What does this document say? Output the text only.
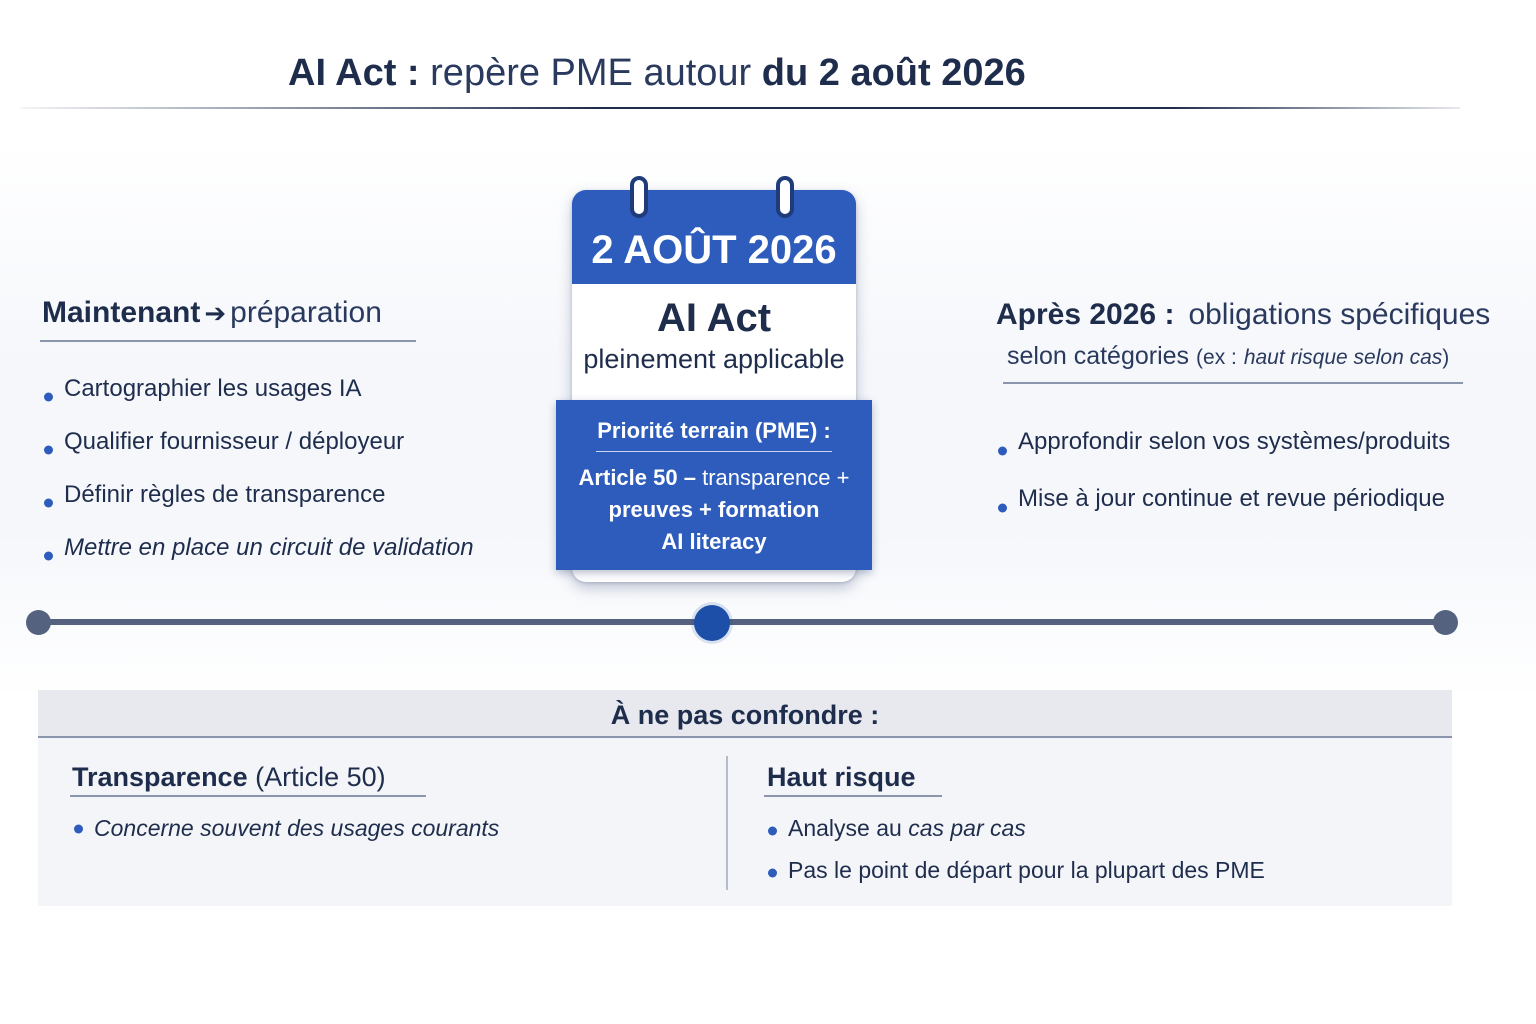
AI Act : repère PME autour du 2 août 2026
Maintenant ➔ préparation
Cartographier les usages IA
Qualifier fournisseur / déployeur
Définir règles de transparence
Mettre en place un circuit de validation
2 AOÛT 2026
AI Act
pleinement applicable
Priorité terrain (PME) :
Article 50 – transparence +
preuves + formation
AI literacy
Après 2026 : obligations spécifiques
selon catégories (ex : haut risque selon cas)
Approfondir selon vos systèmes/produits
Mise à jour continue et revue périodique
À ne pas confondre :
Transparence (Article 50)
Concerne souvent des usages courants
Haut risque
Analyse au cas par cas
Pas le point de départ pour la plupart des PME
